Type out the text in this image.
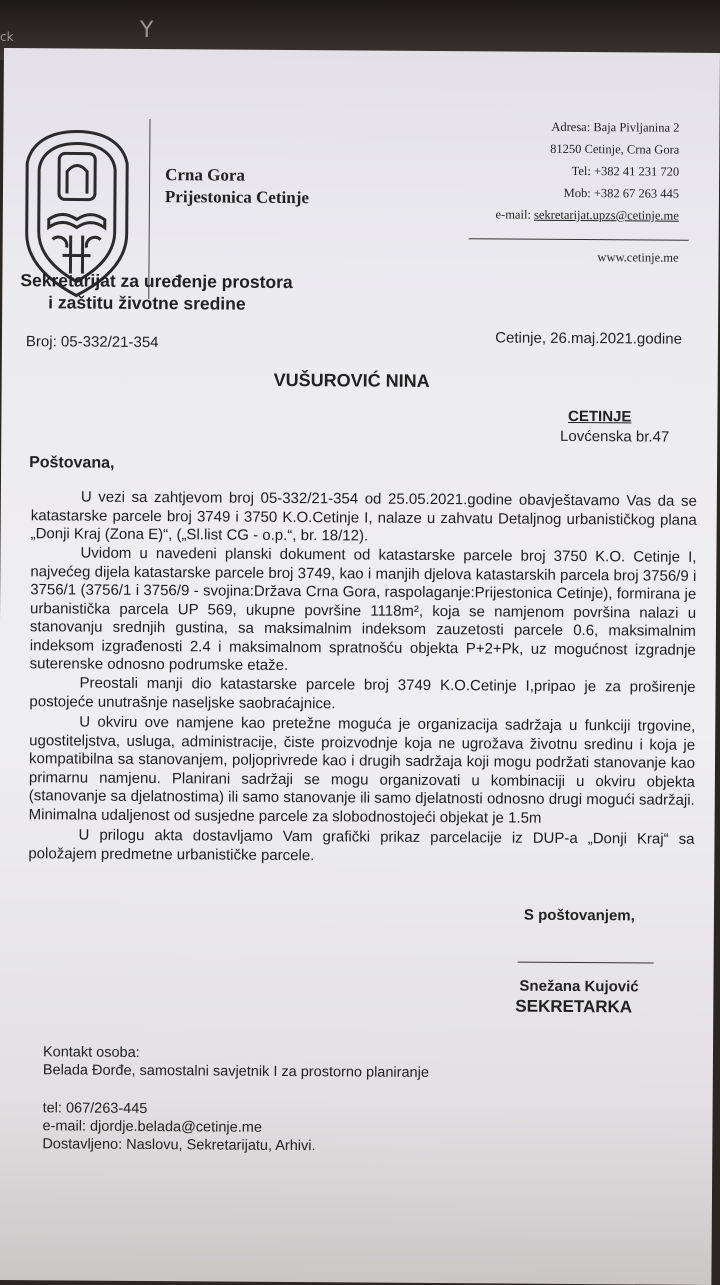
ck	Y
Crna Gora
Prijestonica Cetinje
Sekretarijat za uređenje prostora
i zaštitu životne sredine
Adresa: Baja Pivljanina 2
81250 Cetinje, Crna Gora
Tel: +382 41 231 720
Mob: +382 67 263 445
e-mail: sekretarijat.upzs@cetinje.me
www.cetinje.me
Broj: 05-332/21-354	Cetinje, 26.maj.2021.godine
VUŠUROVIĆ NINA
CETINJE
Lovćenska br.47
Poštovana,
U vezi sa zahtjevom broj 05-332/21-354 od 25.05.2021.godine obavještavamo Vas da se katastarske parcele broj 3749 i 3750 K.O.Cetinje I, nalaze u zahvatu Detaljnog urbanističkog plana „Donji Kraj (Zona E)“, („Sl.list CG - o.p.“, br. 18/12).
Uvidom u navedeni planski dokument od katastarske parcele broj 3750 K.O. Cetinje I, najvećeg dijela katastarske parcele broj 3749, kao i manjih djelova katastarskih parcela broj 3756/9 i 3756/1 (3756/1 i 3756/9 - svojina:Država Crna Gora, raspolaganje:Prijestonica Cetinje), formirana je urbanistička parcela UP 569, ukupne površine 1118m², koja se namjenom površina nalazi u stanovanju srednjih gustina, sa maksimalnim indeksom zauzetosti parcele 0.6, maksimalnim indeksom izgrađenosti 2.4 i maksimalnom spratnošću objekta P+2+Pk, uz mogućnost izgradnje suterenske odnosno podrumske etaže.
Preostali manji dio katastarske parcele broj 3749 K.O.Cetinje I,pripao je za proširenje postojeće unutrašnje naseljske saobraćajnice.
U okviru ove namjene kao pretežne moguća je organizacija sadržaja u funkciji trgovine, ugostiteljstva, usluga, administracije, čiste proizvodnje koja ne ugrožava životnu sredinu i koja je kompatibilna sa stanovanjem, poljoprivrede kao i drugih sadržaja koji mogu podržati stanovanje kao primarnu namjenu. Planirani sadržaji se mogu organizovati u kombinaciji u okviru objekta (stanovanje sa djelatnostima) ili samo stanovanje ili samo djelatnosti odnosno drugi mogući sadržaji. Minimalna udaljenost od susjedne parcele za slobodnostojeći objekat je 1.5m
U prilogu akta dostavljamo Vam grafički prikaz parcelacije iz DUP-a „Donji Kraj“ sa položajem predmetne urbanističke parcele.
S poštovanjem,
Snežana Kujović
SEKRETARKA
Kontakt osoba:
Belada Đorđe, samostalni savjetnik I za prostorno planiranje
tel: 067/263-445
e-mail: djordje.belada@cetinje.me
Dostavljeno: Naslovu, Sekretarijatu, Arhivi.
